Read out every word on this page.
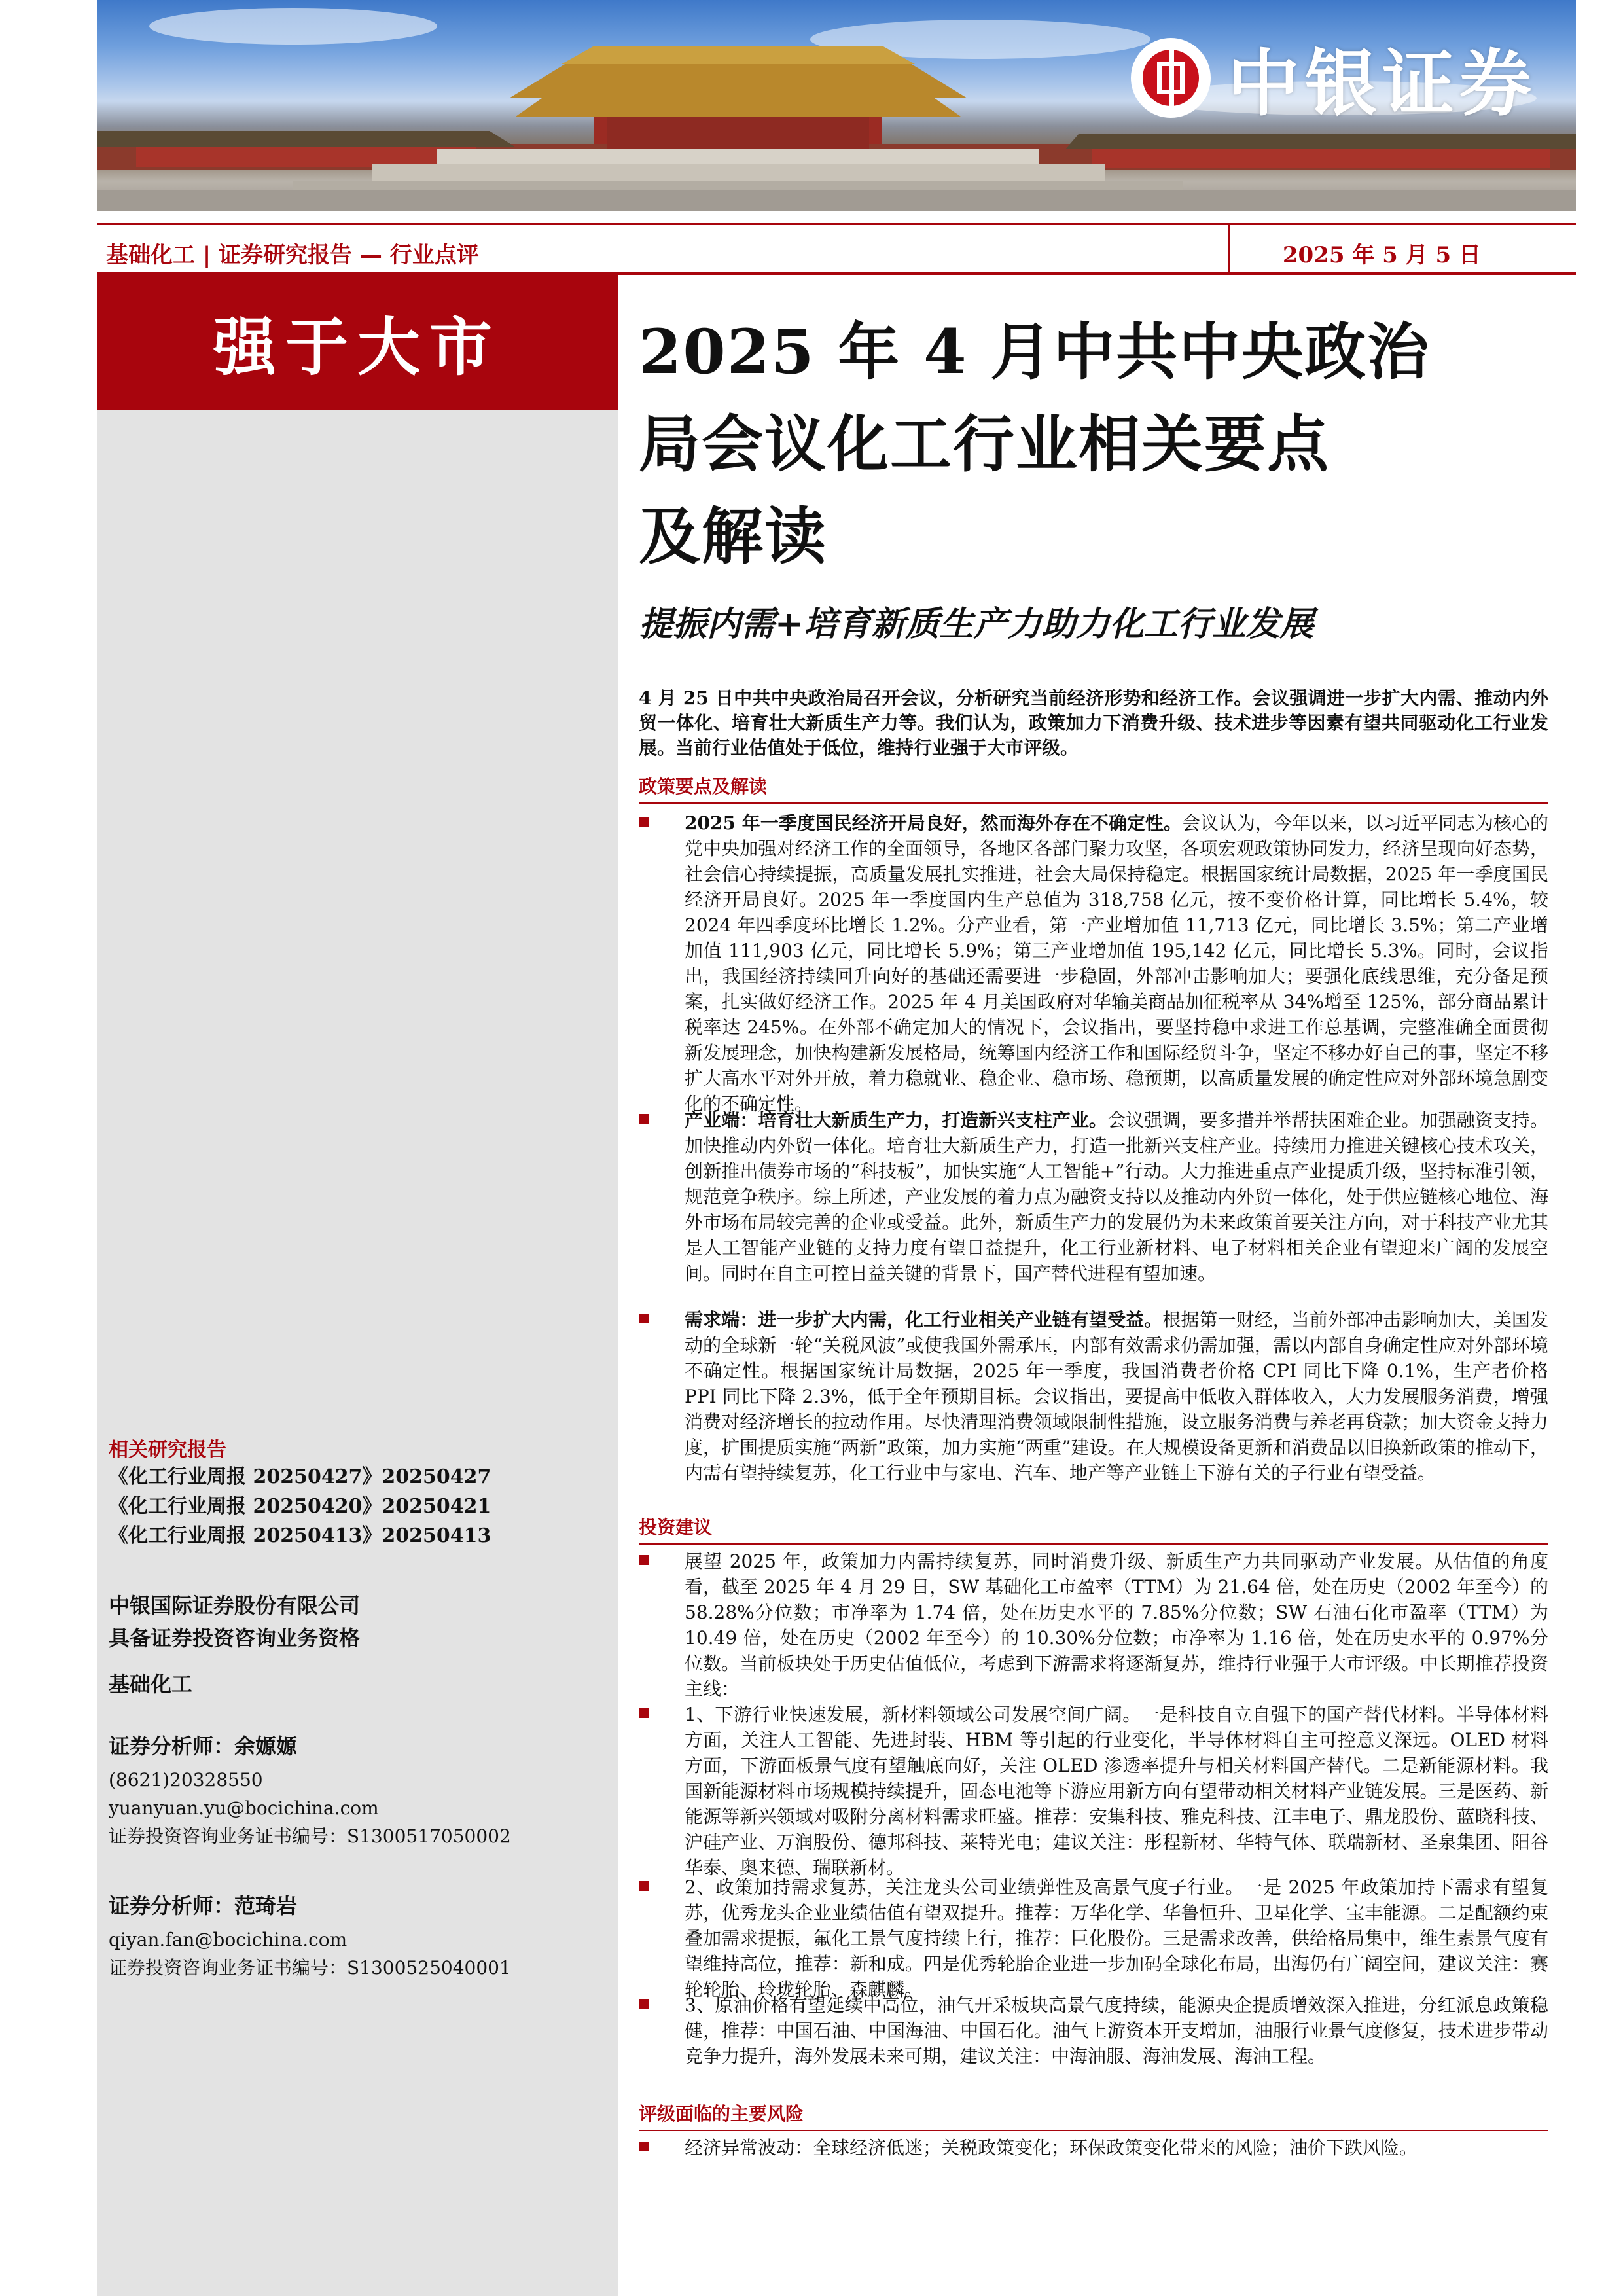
中银证券
基础化工 | 证券研究报告 — 行业点评	2025 年 5 月 5 日
强于大市
相关研究报告
《化工行业周报 20250427》20250427
《化工行业周报 20250420》20250421
《化工行业周报 20250413》20250413
中银国际证券股份有限公司
具备证券投资咨询业务资格
基础化工
证券分析师：余嫄嫄
(8621)20328550
yuanyuan.yu@bocichina.com
证券投资咨询业务证书编号：S1300517050002
证券分析师：范琦岩
qiyan.fan@bocichina.com
证券投资咨询业务证书编号：S1300525040001
2025 年 4 月中共中央政治
局会议化工行业相关要点
及解读
提振内需+培育新质生产力助力化工行业发展
4 月 25 日中共中央政治局召开会议，分析研究当前经济形势和经济工作。会议强调进一步扩大内需、推动内外贸一体化、培育壮大新质生产力等。我们认为，政策加力下消费升级、技术进步等因素有望共同驱动化工行业发展。当前行业估值处于低位，维持行业强于大市评级。
政策要点及解读

2025 年一季度国民经济开局良好，然而海外存在不确定性。会议认为，今年以来，以习近平同志为核心的党中央加强对经济工作的全面领导，各地区各部门聚力攻坚，各项宏观政策协同发力，经济呈现向好态势，社会信心持续提振，高质量发展扎实推进，社会大局保持稳定。根据国家统计局数据，2025 年一季度国民经济开局良好。2025 年一季度国内生产总值为 318,758 亿元，按不变价格计算，同比增长 5.4%，较 2024 年四季度环比增长 1.2%。分产业看，第一产业增加值 11,713 亿元，同比增长 3.5%；第二产业增加值 111,903 亿元，同比增长 5.9%；第三产业增加值 195,142 亿元，同比增长 5.3%。同时，会议指出，我国经济持续回升向好的基础还需要进一步稳固，外部冲击影响加大；要强化底线思维，充分备足预案，扎实做好经济工作。2025 年 4 月美国政府对华输美商品加征税率从 34%增至 125%，部分商品累计税率达 245%。在外部不确定加大的情况下，会议指出，要坚持稳中求进工作总基调，完整准确全面贯彻新发展理念，加快构建新发展格局，统筹国内经济工作和国际经贸斗争，坚定不移办好自己的事，坚定不移扩大高水平对外开放，着力稳就业、稳企业、稳市场、稳预期，以高质量发展的确定性应对外部环境急剧变化的不确定性。

产业端：培育壮大新质生产力，打造新兴支柱产业。会议强调，要多措并举帮扶困难企业。加强融资支持。加快推动内外贸一体化。培育壮大新质生产力，打造一批新兴支柱产业。持续用力推进关键核心技术攻关，创新推出债券市场的“科技板”，加快实施“人工智能+”行动。大力推进重点产业提质升级，坚持标准引领，规范竞争秩序。综上所述，产业发展的着力点为融资支持以及推动内外贸一体化，处于供应链核心地位、海外市场布局较完善的企业或受益。此外，新质生产力的发展仍为未来政策首要关注方向，对于科技产业尤其是人工智能产业链的支持力度有望日益提升，化工行业新材料、电子材料相关企业有望迎来广阔的发展空间。同时在自主可控日益关键的背景下，国产替代进程有望加速。

需求端：进一步扩大内需，化工行业相关产业链有望受益。根据第一财经，当前外部冲击影响加大，美国发动的全球新一轮“关税风波”或使我国外需承压，内部有效需求仍需加强，需以内部自身确定性应对外部环境不确定性。根据国家统计局数据，2025 年一季度，我国消费者价格 CPI 同比下降 0.1%，生产者价格 PPI 同比下降 2.3%，低于全年预期目标。会议指出，要提高中低收入群体收入，大力发展服务消费，增强消费对经济增长的拉动作用。尽快清理消费领域限制性措施，设立服务消费与养老再贷款；加大资金支持力度，扩围提质实施“两新”政策，加力实施“两重”建设。在大规模设备更新和消费品以旧换新政策的推动下，内需有望持续复苏，化工行业中与家电、汽车、地产等产业链上下游有关的子行业有望受益。

投资建议

展望 2025 年，政策加力内需持续复苏，同时消费升级、新质生产力共同驱动产业发展。从估值的角度看，截至 2025 年 4 月 29 日，SW 基础化工市盈率（TTM）为 21.64 倍，处在历史（2002 年至今）的 58.28%分位数；市净率为 1.74 倍，处在历史水平的 7.85%分位数；SW 石油石化市盈率（TTM）为 10.49 倍，处在历史（2002 年至今）的 10.30%分位数；市净率为 1.16 倍，处在历史水平的 0.97%分位数。当前板块处于历史估值低位，考虑到下游需求将逐渐复苏，维持行业强于大市评级。中长期推荐投资主线：

1、下游行业快速发展，新材料领域公司发展空间广阔。一是科技自立自强下的国产替代材料。半导体材料方面，关注人工智能、先进封装、HBM 等引起的行业变化，半导体材料自主可控意义深远。OLED 材料方面，下游面板景气度有望触底向好，关注 OLED 渗透率提升与相关材料国产替代。二是新能源材料。我国新能源材料市场规模持续提升，固态电池等下游应用新方向有望带动相关材料产业链发展。三是医药、新能源等新兴领域对吸附分离材料需求旺盛。推荐：安集科技、雅克科技、江丰电子、鼎龙股份、蓝晓科技、沪硅产业、万润股份、德邦科技、莱特光电；建议关注：彤程新材、华特气体、联瑞新材、圣泉集团、阳谷华泰、奥来德、瑞联新材。

2、政策加持需求复苏，关注龙头公司业绩弹性及高景气度子行业。一是 2025 年政策加持下需求有望复苏，优秀龙头企业业绩估值有望双提升。推荐：万华化学、华鲁恒升、卫星化学、宝丰能源。二是配额约束叠加需求提振，氟化工景气度持续上行，推荐：巨化股份。三是需求改善，供给格局集中，维生素景气度有望维持高位，推荐：新和成。四是优秀轮胎企业进一步加码全球化布局，出海仍有广阔空间，建议关注：赛轮轮胎、玲珑轮胎、森麒麟。

3、原油价格有望延续中高位，油气开采板块高景气度持续，能源央企提质增效深入推进，分红派息政策稳健，推荐：中国石油、中国海油、中国石化。油气上游资本开支增加，油服行业景气度修复，技术进步带动竞争力提升，海外发展未来可期，建议关注：中海油服、海油发展、海油工程。

评级面临的主要风险

经济异常波动：全球经济低迷；关税政策变化；环保政策变化带来的风险；油价下跌风险。
